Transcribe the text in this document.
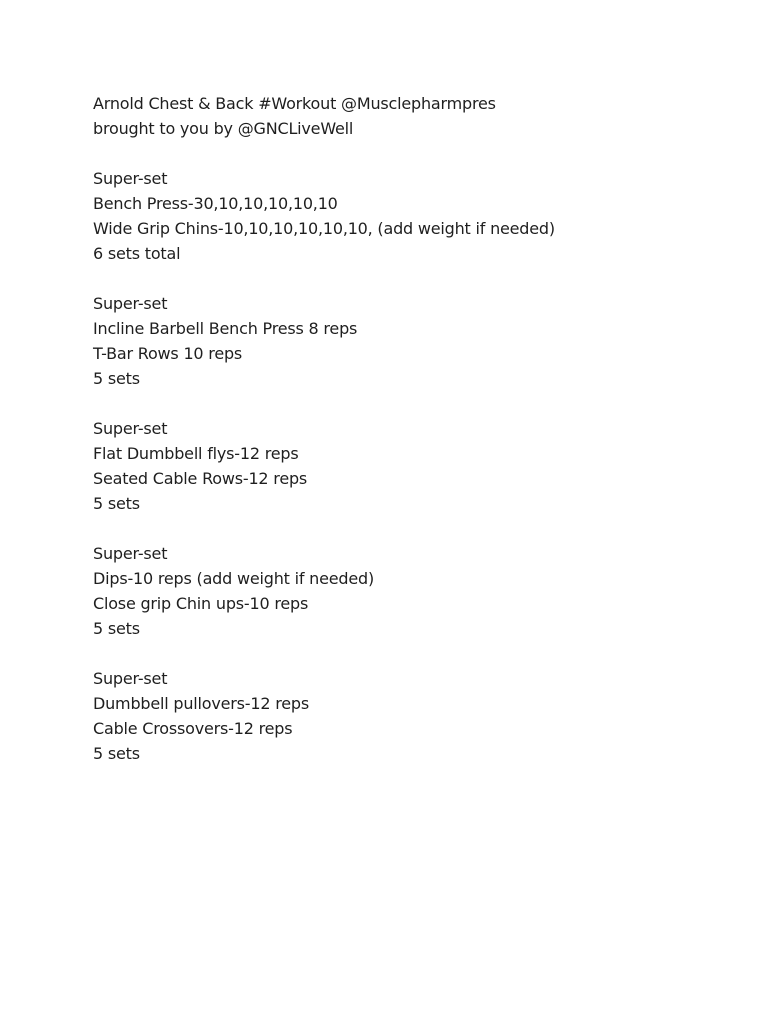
Arnold Chest & Back #Workout @Musclepharmpres
brought to you by @GNCLiveWell
Super-set
Bench Press-30,10,10,10,10,10
Wide Grip Chins-10,10,10,10,10,10, (add weight if needed)
6 sets total
Super-set
Incline Barbell Bench Press 8 reps
T-Bar Rows 10 reps
5 sets
Super-set
Flat Dumbbell flys-12 reps
Seated Cable Rows-12 reps
5 sets
Super-set
Dips-10 reps (add weight if needed)
Close grip Chin ups-10 reps
5 sets
Super-set
Dumbbell pullovers-12 reps
Cable Crossovers-12 reps
5 sets
